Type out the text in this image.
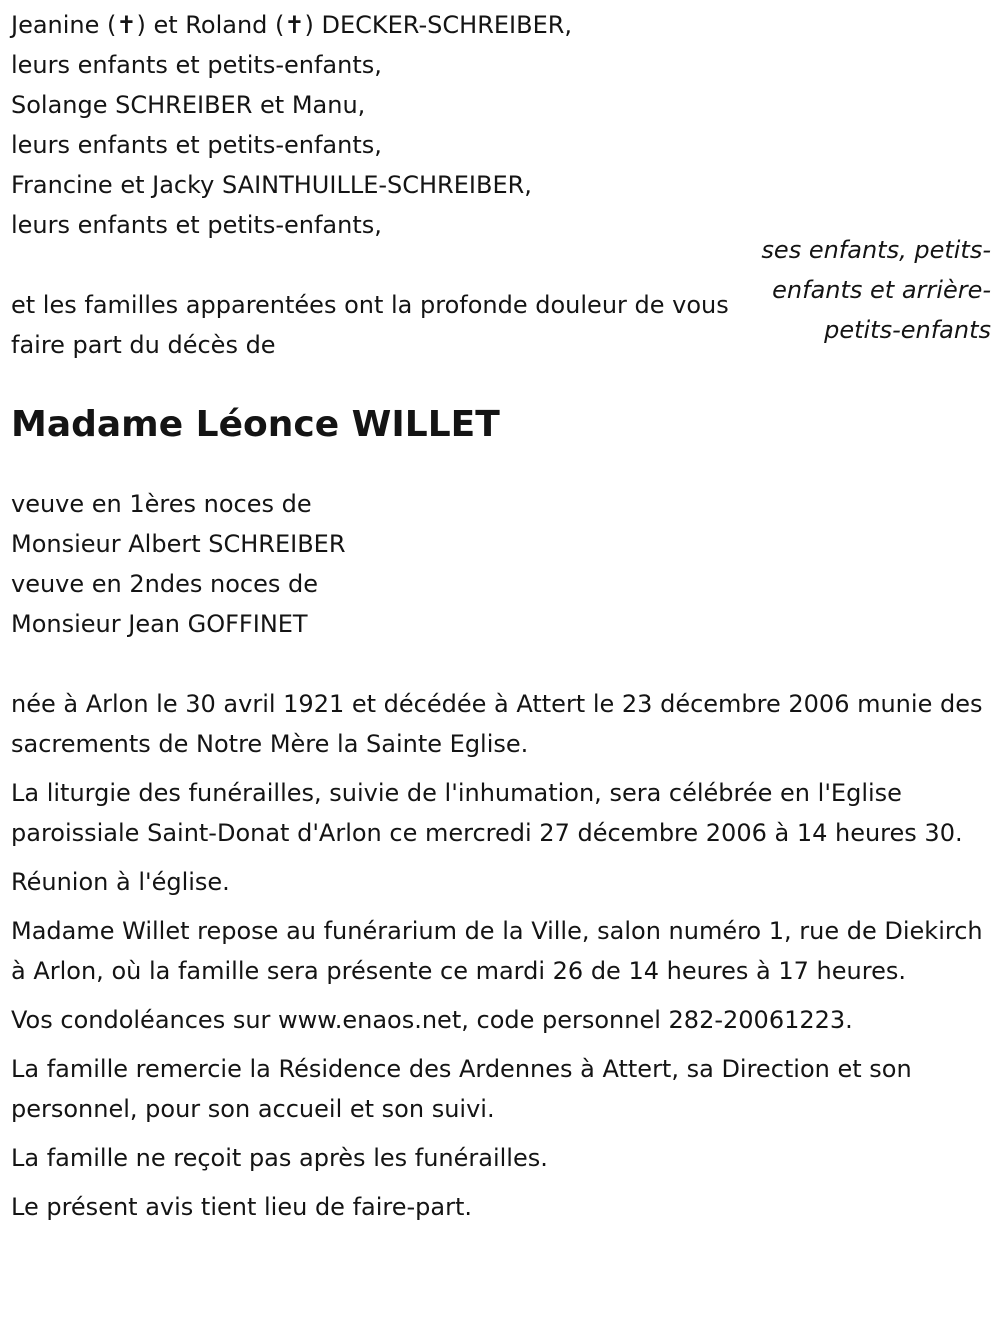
Jeanine (✝) et Roland (✝) DECKER-SCHREIBER,
leurs enfants et petits-enfants,
Solange SCHREIBER et Manu,
leurs enfants et petits-enfants,
Francine et Jacky SAINTHUILLE-SCHREIBER,
leurs enfants et petits-enfants,
ses enfants, petits-enfants et arrière-petits-enfants
et les familles apparentées ont la profonde douleur de vous faire part du décès de
Madame Léonce WILLET
veuve en 1ères noces de
Monsieur Albert SCHREIBER
veuve en 2ndes noces de
Monsieur Jean GOFFINET
née à Arlon le 30 avril 1921 et décédée à Attert le 23 décembre 2006 munie des sacrements de Notre Mère la Sainte Eglise.
La liturgie des funérailles, suivie de l'inhumation, sera célébrée en l'Eglise paroissiale Saint-Donat d'Arlon ce mercredi 27 décembre 2006 à 14 heures 30.
Réunion à l'église.
Madame Willet repose au funérarium de la Ville, salon numéro 1, rue de Diekirch à Arlon, où la famille sera présente ce mardi 26 de 14 heures à 17 heures.
Vos condoléances sur www.enaos.net, code personnel 282-20061223.
La famille remercie la Résidence des Ardennes à Attert, sa Direction et son personnel, pour son accueil et son suivi.
La famille ne reçoit pas après les funérailles.
Le présent avis tient lieu de faire-part.
